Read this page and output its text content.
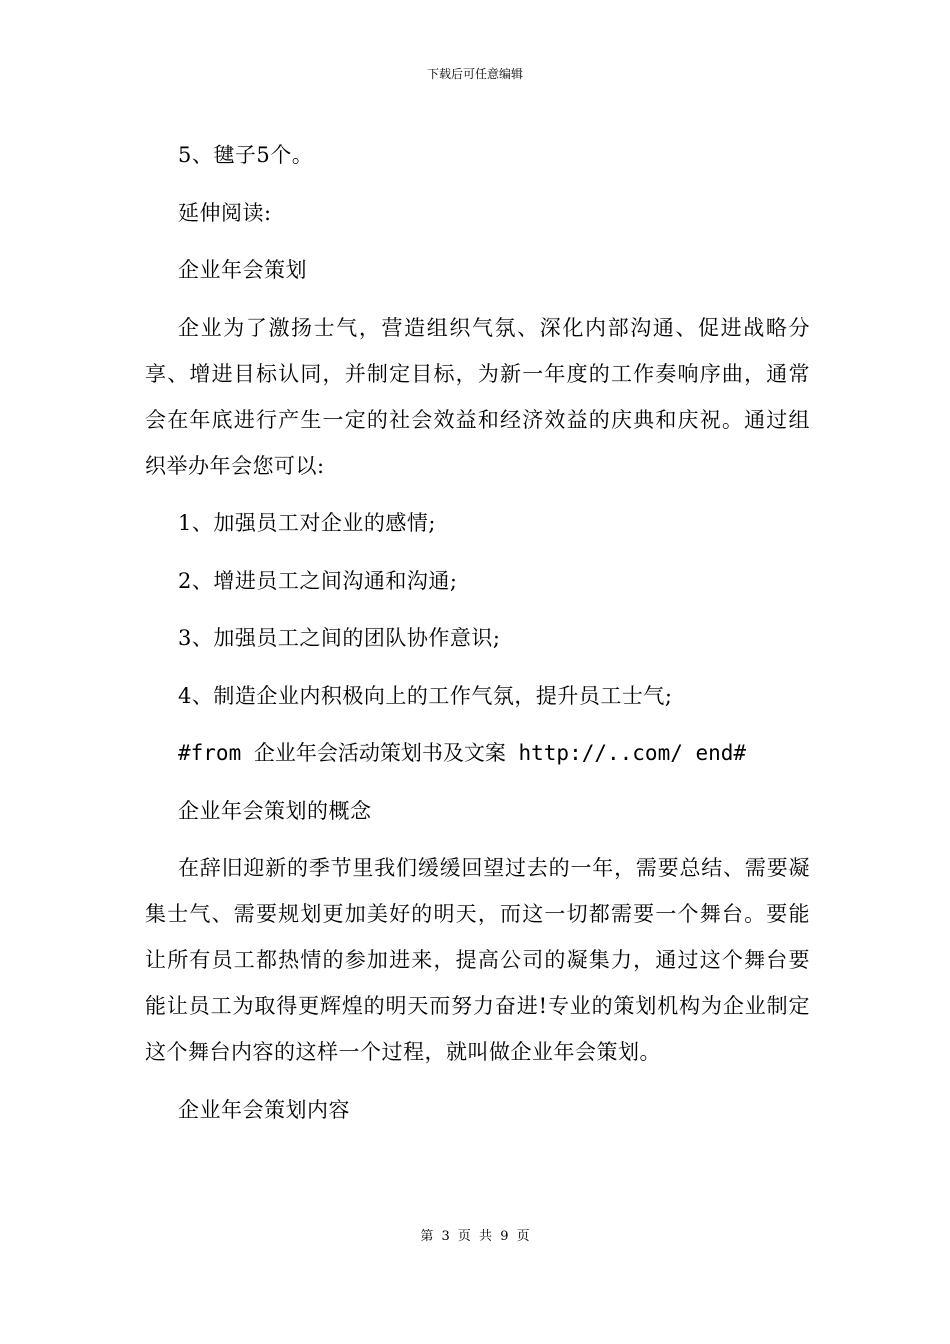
下载后可任意编辑

5、毽子5个。

延伸阅读:

企业年会策划

企业为了激扬士气，营造组织气氛、深化内部沟通、促进战略分享、增进目标认同，并制定目标，为新一年度的工作奏响序曲，通常会在年底进行产生一定的社会效益和经济效益的庆典和庆祝。通过组织举办年会您可以:

1、加强员工对企业的感情;

2、增进员工之间沟通和沟通;

3、加强员工之间的团队协作意识;

4、制造企业内积极向上的工作气氛，提升员工士气;

#from 企业年会活动策划书及文案 http://..com/ end#

企业年会策划的概念

在辞旧迎新的季节里我们缓缓回望过去的一年，需要总结、需要凝集士气、需要规划更加美好的明天，而这一切都需要一个舞台。要能让所有员工都热情的参加进来，提高公司的凝集力，通过这个舞台要能让员工为取得更辉煌的明天而努力奋进!专业的策划机构为企业制定这个舞台内容的这样一个过程，就叫做企业年会策划。

企业年会策划内容

第 3 页 共 9 页
